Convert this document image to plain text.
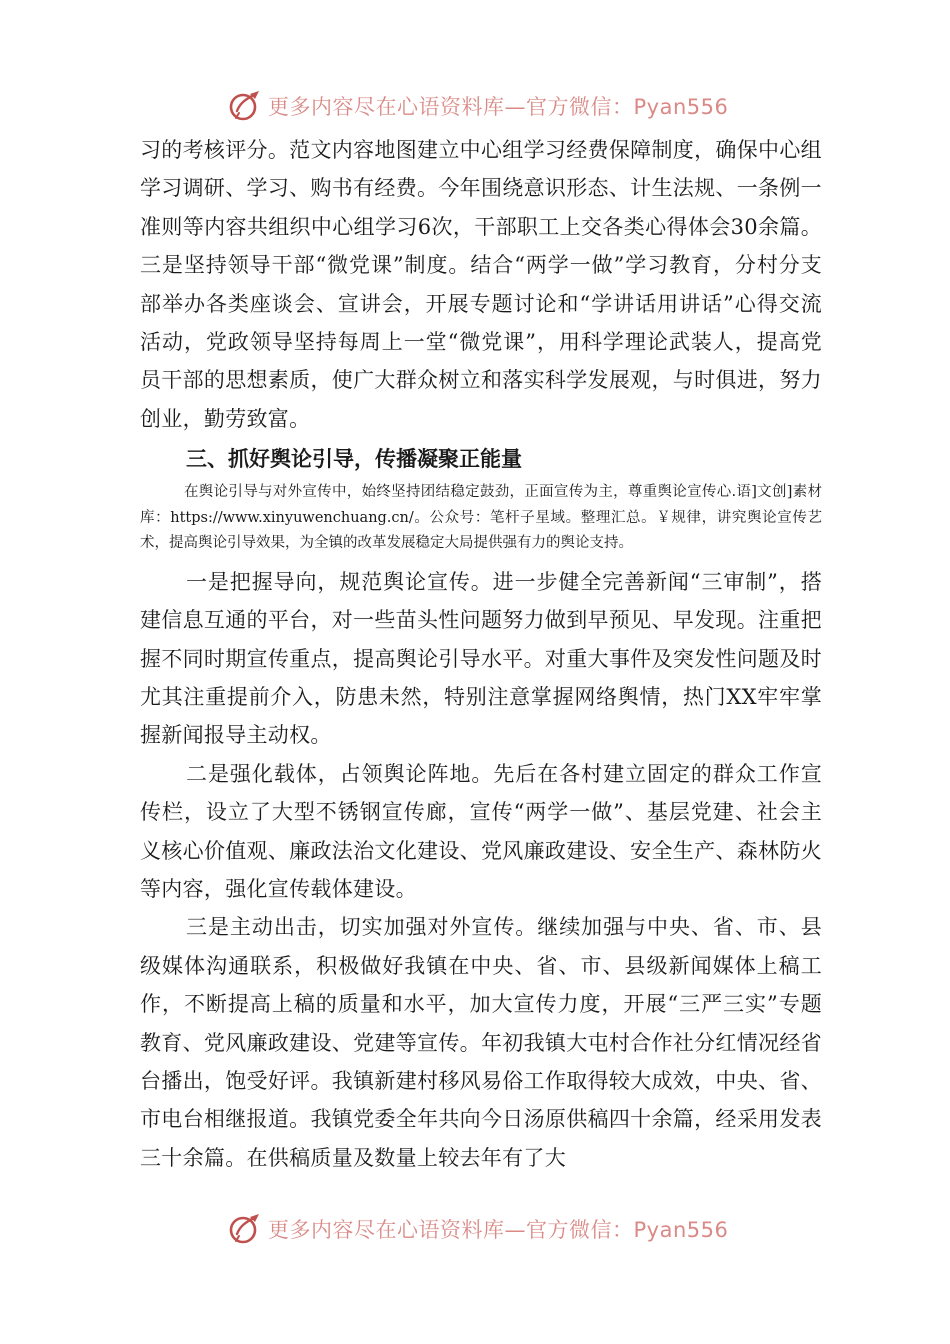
更多内容尽在心语资料库—官方微信：Pyan556

习的考核评分。范文内容地图建立中心组学习经费保障制度，确保中心组学习调研、学习、购书有经费。今年围绕意识形态、计生法规、一条例一准则等内容共组织中心组学习6次，干部职工上交各类心得体会30余篇。三是坚持领导干部“微党课”制度。结合“两学一做”学习教育，分村分支部举办各类座谈会、宣讲会，开展专题讨论和“学讲话用讲话”心得交流活动，党政领导坚持每周上一堂“微党课”，用科学理论武装人，提高党员干部的思想素质，使广大群众树立和落实科学发展观，与时俱进，努力创业，勤劳致富。

三、抓好舆论引导，传播凝聚正能量

在舆论引导与对外宣传中，始终坚持团结稳定鼓劲，正面宣传为主，尊重舆论宣传心.语]文创]素材库：https://www.xinyuwenchuang.cn/。公众号：笔杆子星域。整理汇总。￥规律，讲究舆论宣传艺术，提高舆论引导效果，为全镇的改革发展稳定大局提供强有力的舆论支持。

一是把握导向，规范舆论宣传。进一步健全完善新闻“三审制”，搭建信息互通的平台，对一些苗头性问题努力做到早预见、早发现。注重把握不同时期宣传重点，提高舆论引导水平。对重大事件及突发性问题及时尤其注重提前介入，防患未然，特别注意掌握网络舆情，热门XX牢牢掌握新闻报导主动权。

二是强化载体，占领舆论阵地。先后在各村建立固定的群众工作宣传栏，设立了大型不锈钢宣传廊，宣传“两学一做”、基层党建、社会主义核心价值观、廉政法治文化建设、党风廉政建设、安全生产、森林防火等内容，强化宣传载体建设。

三是主动出击，切实加强对外宣传。继续加强与中央、省、市、县级媒体沟通联系，积极做好我镇在中央、省、市、县级新闻媒体上稿工作，不断提高上稿的质量和水平，加大宣传力度，开展“三严三实”专题教育、党风廉政建设、党建等宣传。年初我镇大屯村合作社分红情况经省台播出，饱受好评。我镇新建村移风易俗工作取得较大成效，中央、省、市电台相继报道。我镇党委全年共向今日汤原供稿四十余篇，经采用发表三十余篇。在供稿质量及数量上较去年有了大

更多内容尽在心语资料库—官方微信：Pyan556
